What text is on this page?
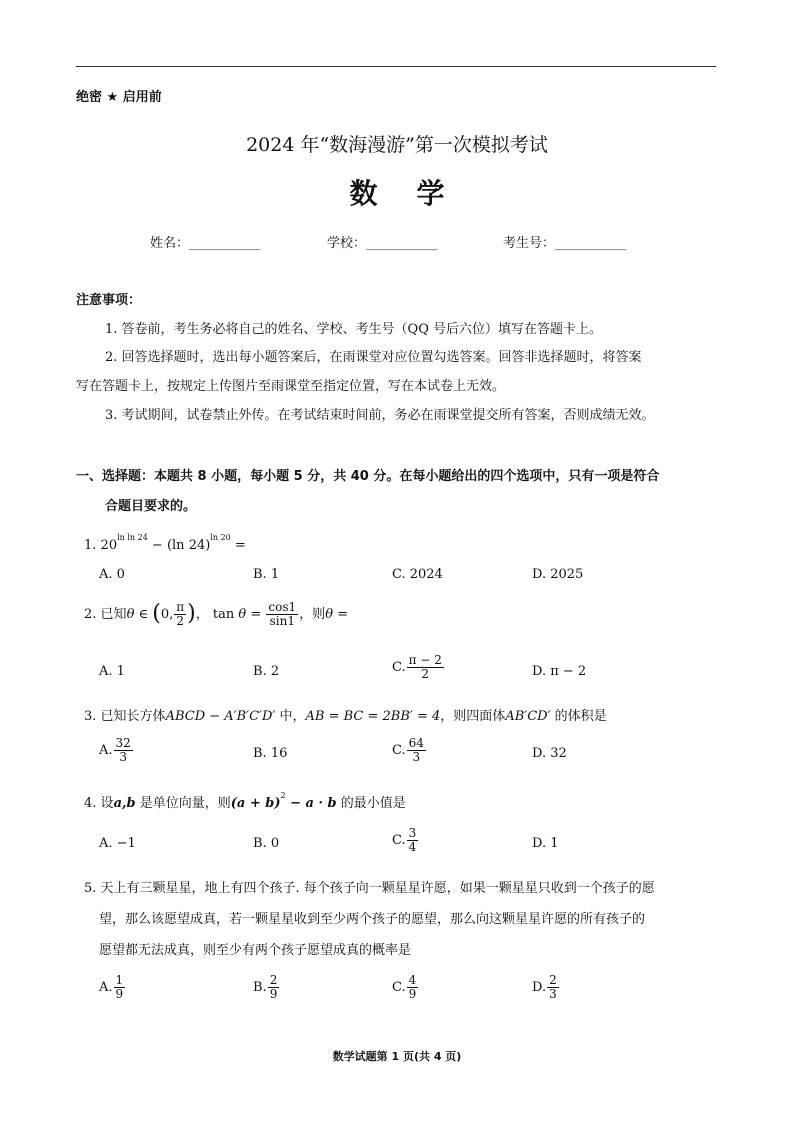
绝密 ★ 启用前
2024 年“数海漫游”第一次模拟考试
数    学
姓名：___________	学校：___________	考生号：___________
注意事项：
1. 答卷前，考生务必将自己的姓名、学校、考生号（QQ 号后六位）填写在答题卡上。
2. 回答选择题时，选出每小题答案后，在雨课堂对应位置勾选答案。回答非选择题时，将答案
写在答题卡上，按规定上传图片至雨课堂至指定位置，写在本试卷上无效。
3. 考试期间，试卷禁止外传。在考试结束时间前，务必在雨课堂提交所有答案，否则成绩无效。
一、选择题：本题共 8 小题，每小题 5 分，共 40 分。在每小题给出的四个选项中，只有一项是符合
合题目要求的。
1. $20^{ln ln 24} - (\ln$ 24)$^{ln 20}$ =
A. 0	B. 1	C. 2024	D. 2025
2. 已知θ ∈ (0, $\frac{\pi}{2}$ )， $\tan \theta = \frac{\cos 1}{\sin 1}$ ，则θ =
A. 1	B. 2	C. $\frac{\pi - 2}{2}$	D. π − 2
3. 已知长方体ABCD − A′B′C′D′ 中，AB = BC = 2BB′ = 4，则四面体AB′CD′ 的体积是
A. $\frac{32}{3}$	B. 16	C. $\frac{64}{3}$	D. 32
4. 设a,b 是单位向量，则$(a + b)^2 - a \cdot b$ 的最小值是
A. −1	B. 0	C. $\frac{3}{4}$	D. 1
5. 天上有三颗星星，地上有四个孩子. 每个孩子向一颗星星许愿，如果一颗星星只收到一个孩子的愿
望，那么该愿望成真，若一颗星星收到至少两个孩子的愿望，那么向这颗星星许愿的所有孩子的
愿望都无法成真，则至少有两个孩子愿望成真的概率是
A. $\frac{1}{9}$	B. $\frac{2}{9}$	C. $\frac{4}{9}$	D. $\frac{2}{3}$
数学试题第 1 页(共 4 页)
